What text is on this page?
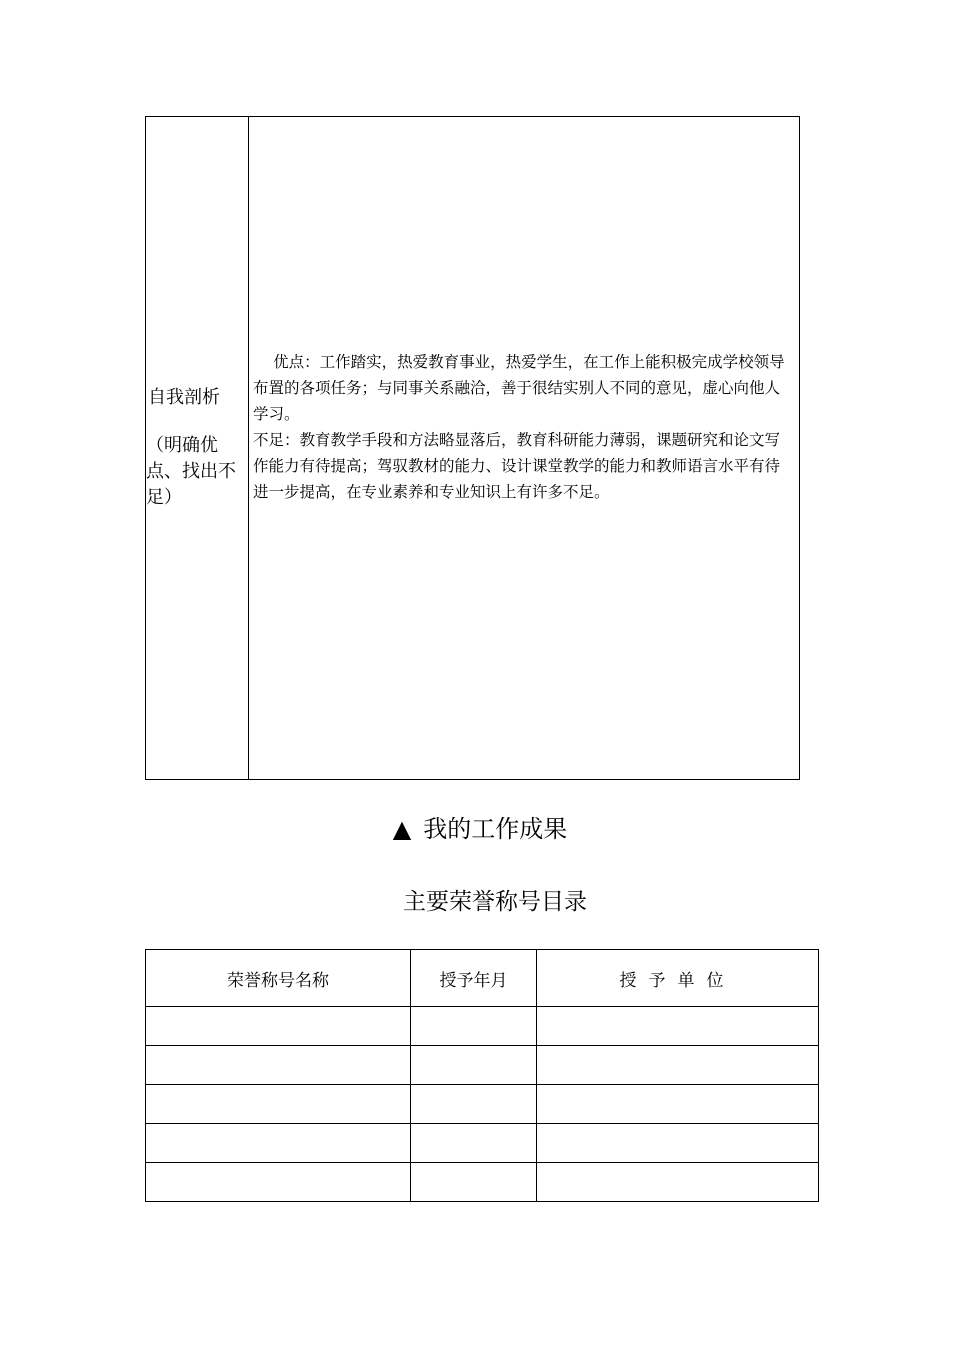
自我剖析
（明确优
点、找出不
足）

优点：工作踏实，热爱教育事业，热爱学生，在工作上能积极完成学校领导布置的各项任务；与同事关系融洽，善于很结实别人不同的意见，虚心向他人学习。

不足：教育教学手段和方法略显落后，教育科研能力薄弱，课题研究和论文写作能力有待提高；驾驭教材的能力、设计课堂教学的能力和教师语言水平有待进一步提高，在专业素养和专业知识上有许多不足。

▲ 我的工作成果
主要荣誉称号目录
荣誉称号名称	授予年月	授予单位
